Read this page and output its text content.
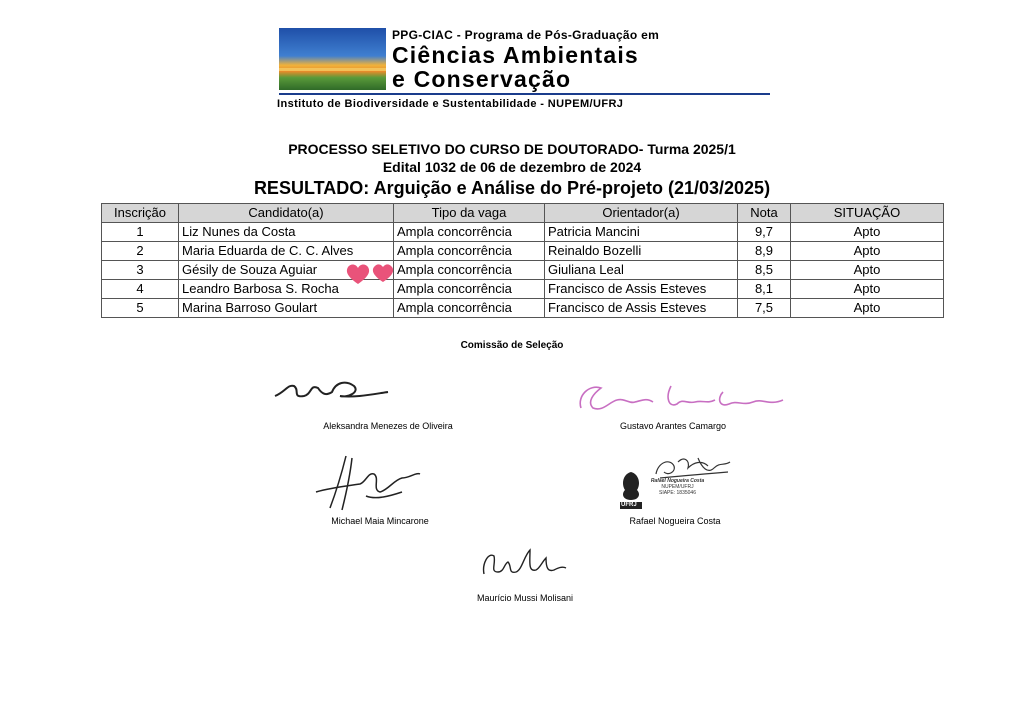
PPG-CIAC - Programa de Pós-Graduação em
Ciências Ambientais
e Conservação
Instituto de Biodiversidade e Sustentabilidade - NUPEM/UFRJ
PROCESSO SELETIVO DO CURSO DE DOUTORADO- Turma 2025/1
Edital 1032 de 06 de dezembro de 2024
RESULTADO: Arguição e Análise do Pré-projeto (21/03/2025)
Inscrição	Candidato(a)	Tipo da vaga	Orientador(a)	Nota	SITUAÇÃO
1	Liz Nunes da Costa	Ampla concorrência	Patricia Mancini	9,7	Apto
2	Maria Eduarda de C. C. Alves	Ampla concorrência	Reinaldo Bozelli	8,9	Apto
3	Gésily de Souza Aguiar	Ampla concorrência	Giuliana Leal	8,5	Apto
4	Leandro Barbosa S. Rocha	Ampla concorrência	Francisco de Assis Esteves	8,1	Apto
5	Marina Barroso Goulart	Ampla concorrência	Francisco de Assis Esteves	7,5	Apto
Comissão de Seleção
Aleksandra Menezes de Oliveira	Gustavo Arantes Camargo
Michael Maia Mincarone
Rafael Nogueira Costa
NUPEM/UFRJ
SIAPE: 1835046
Rafael Nogueira Costa
Maurício Mussi Molisani
UFRJ
